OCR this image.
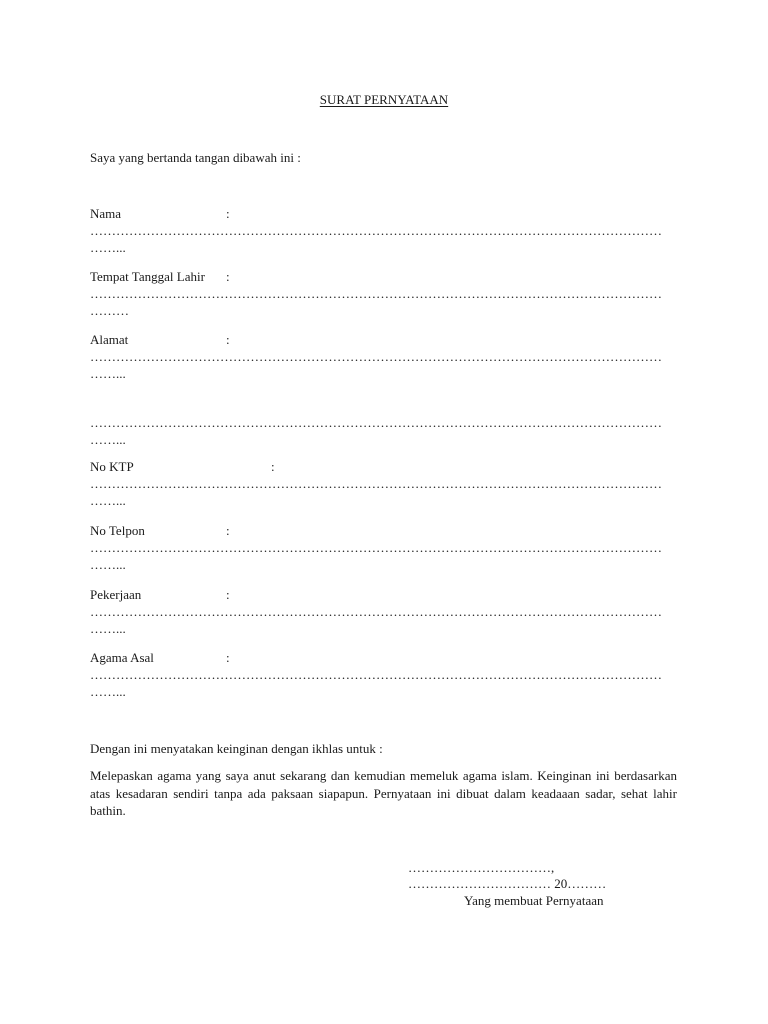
SURAT PERNYATAAN
Saya yang bertanda tangan dibawah ini :
Nama	:
……………………………………………………………………………………………………………………
……...
Tempat Tanggal Lahir :
……………………………………………………………………………………………………………………
………
Alamat	:
……………………………………………………………………………………………………………………
……...
……………………………………………………………………………………………………………………
……...
No KTP	:
……………………………………………………………………………………………………………………
……...
No Telpon	:
……………………………………………………………………………………………………………………
……...
Pekerjaan	:
……………………………………………………………………………………………………………………
……...
Agama Asal	:
……………………………………………………………………………………………………………………
……...
Dengan ini menyatakan keinginan dengan ikhlas untuk :
Melepaskan agama yang saya anut sekarang dan kemudian memeluk agama islam. Keinginan ini berdasarkan atas kesadaran sendiri tanpa ada paksaan siapapun. Pernyataan ini dibuat dalam keadaaan sadar, sehat lahir bathin.
……………………………,
…………………………… 20………
Yang membuat Pernyataan
